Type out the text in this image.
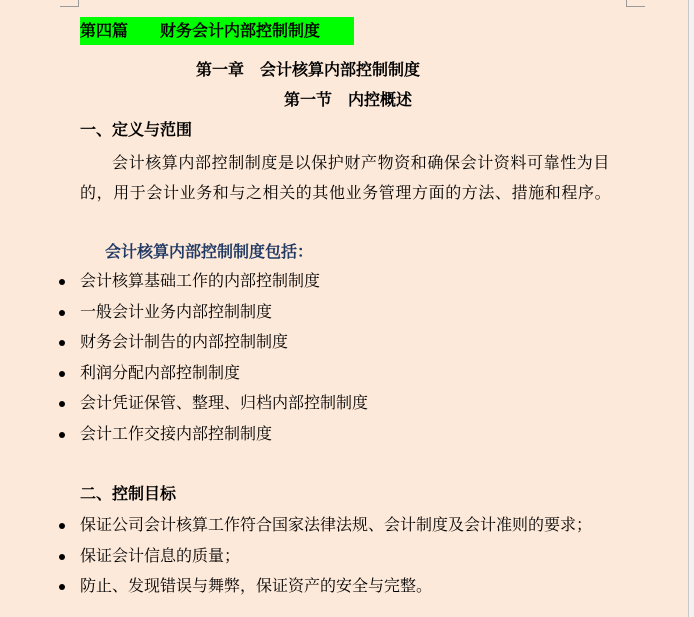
第四篇 财务会计内部控制制度
第一章 会计核算内部控制制度
第一节 内控概述
一、定义与范围

会计核算内部控制制度是以保护财产物资和确保会计资料可靠性为目的，用于会计业务和与之相关的其他业务管理方面的方法、措施和程序。

会计核算内部控制制度包括：
会计核算基础工作的内部控制制度
一般会计业务内部控制制度
财务会计制告的内部控制制度
利润分配内部控制制度
会计凭证保管、整理、归档内部控制制度
会计工作交接内部控制制度
二、控制目标
保证公司会计核算工作符合国家法律法规、会计制度及会计准则的要求；
保证会计信息的质量；
防止、发现错误与舞弊，保证资产的安全与完整。
